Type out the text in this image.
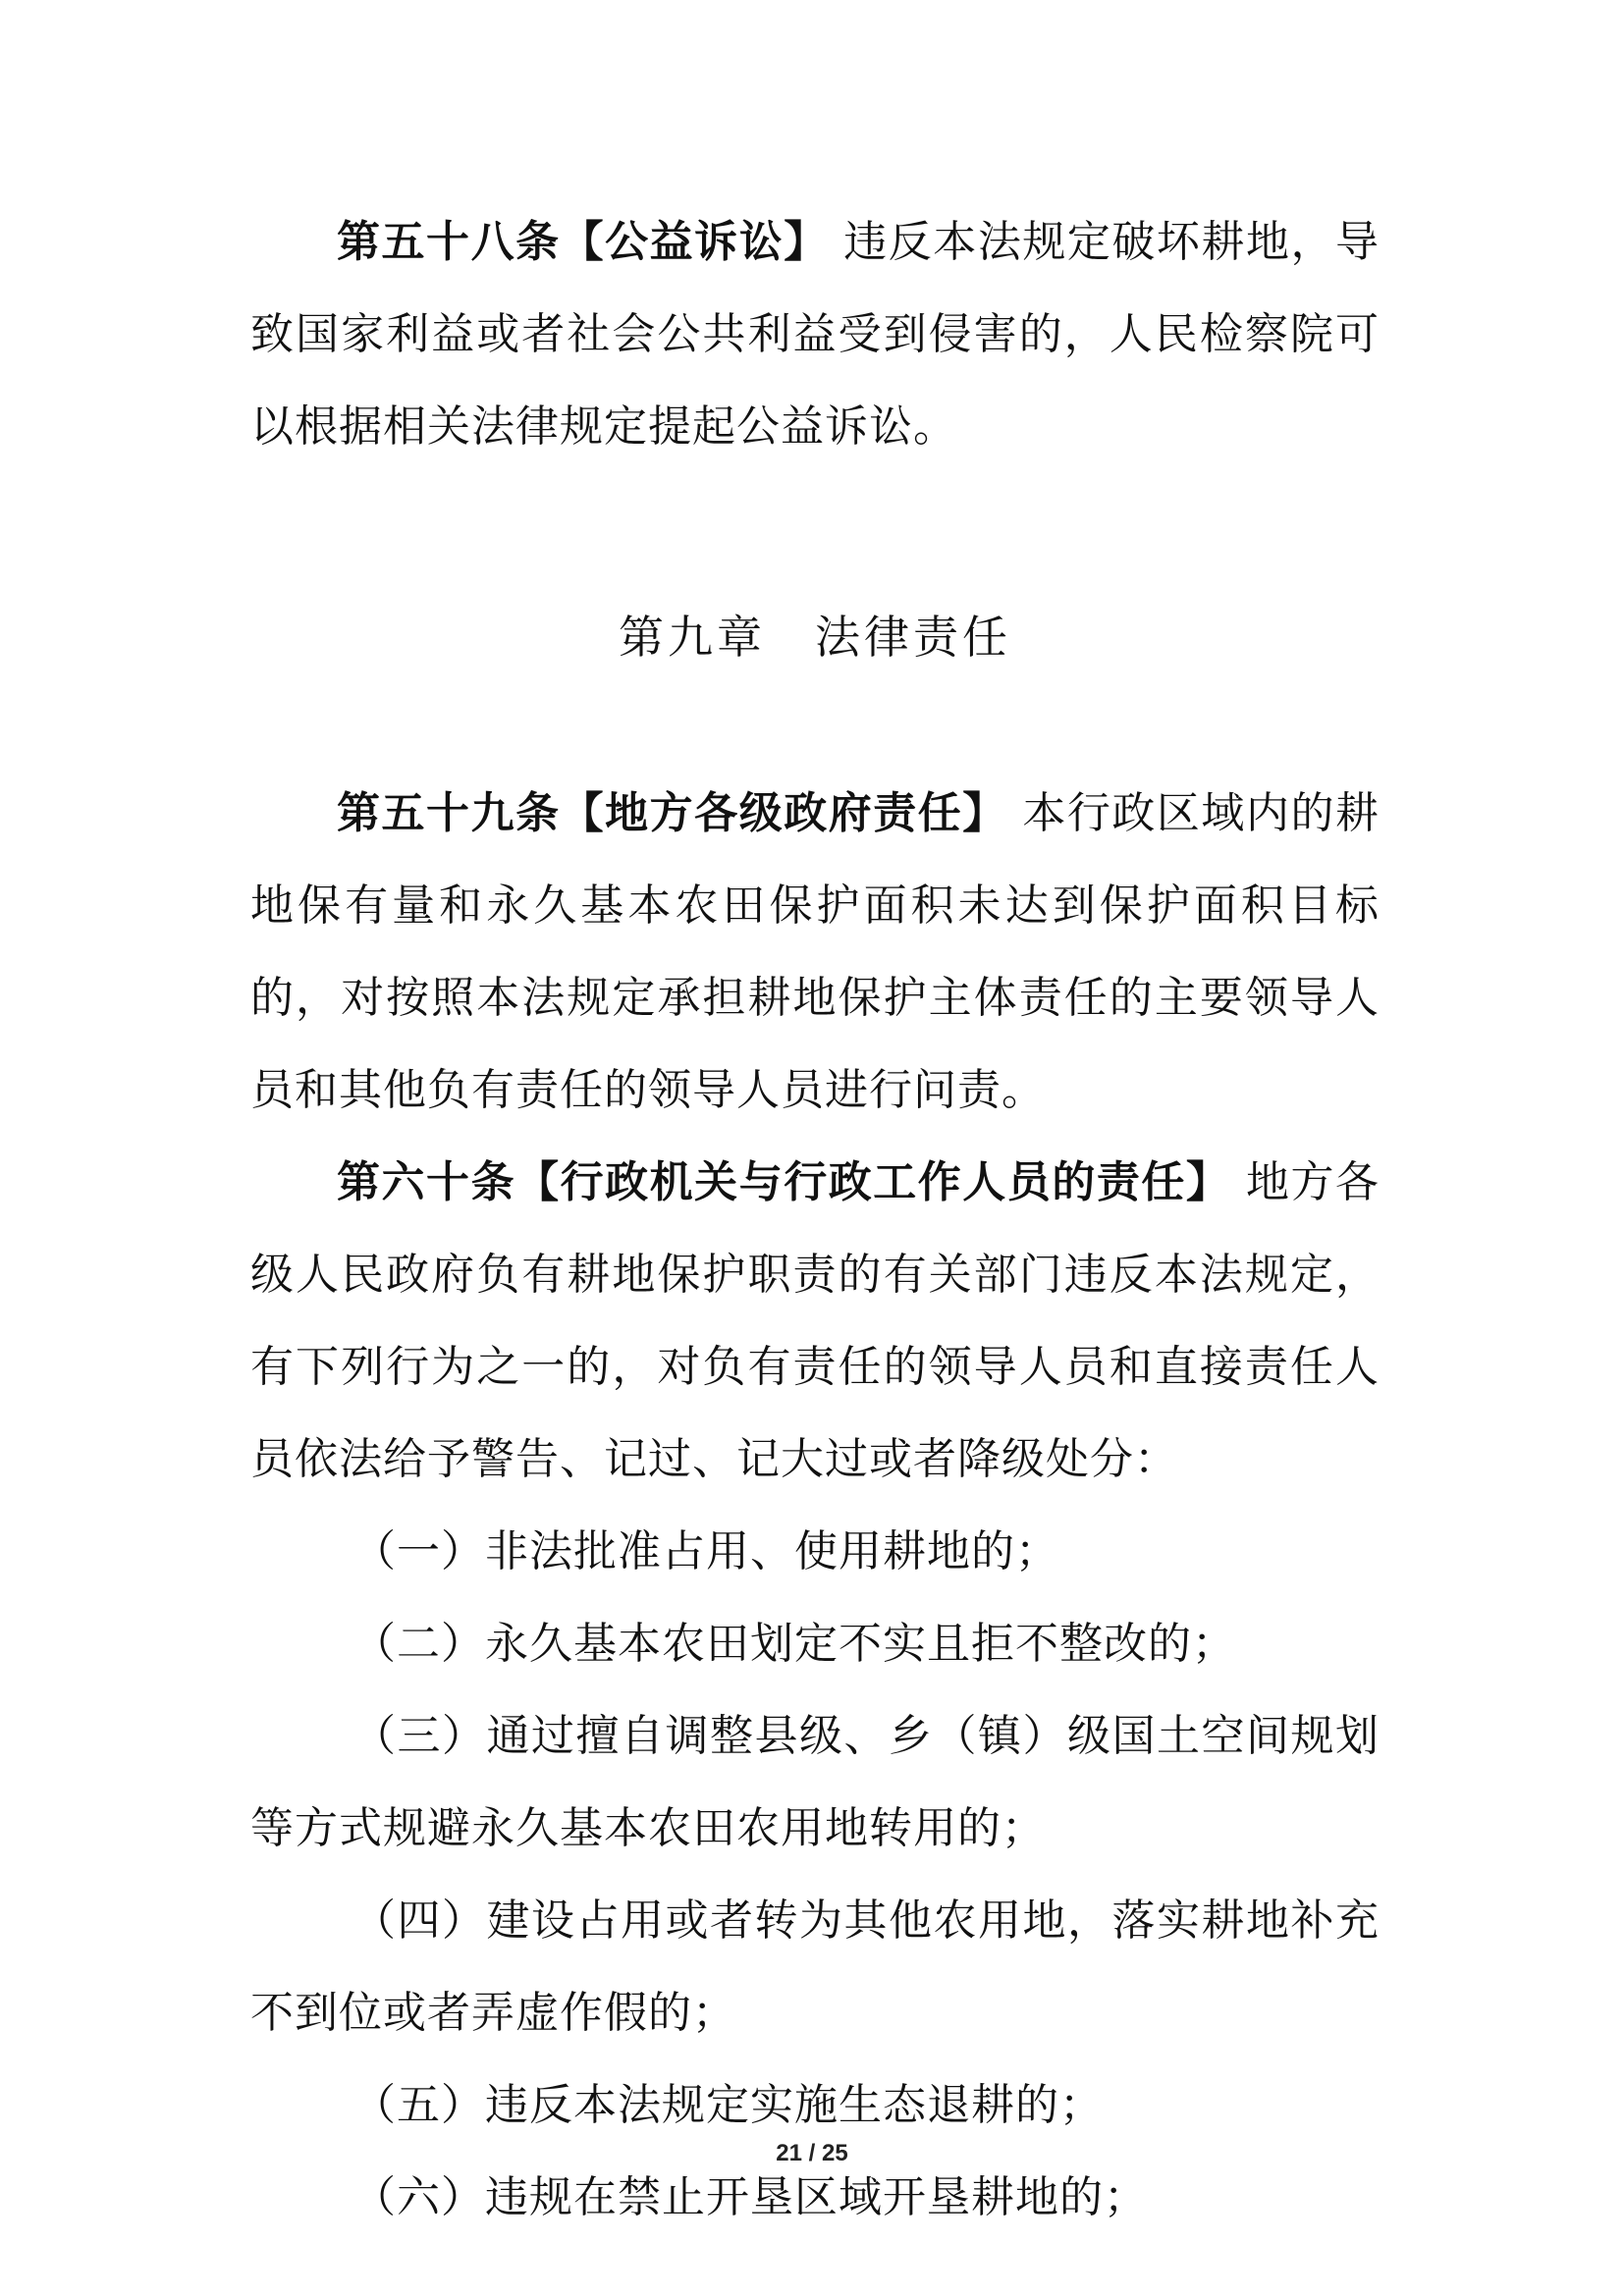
第五十八条【公益诉讼】 违反本法规定破坏耕地，导致国家利益或者社会公共利益受到侵害的，人民检察院可以根据相关法律规定提起公益诉讼。

第九章　法律责任

第五十九条【地方各级政府责任】 本行政区域内的耕地保有量和永久基本农田保护面积未达到保护面积目标的，对按照本法规定承担耕地保护主体责任的主要领导人员和其他负有责任的领导人员进行问责。

第六十条【行政机关与行政工作人员的责任】 地方各级人民政府负有耕地保护职责的有关部门违反本法规定，有下列行为之一的，对负有责任的领导人员和直接责任人员依法给予警告、记过、记大过或者降级处分：

（一）非法批准占用、使用耕地的；

（二）永久基本农田划定不实且拒不整改的；

（三）通过擅自调整县级、乡（镇）级国土空间规划等方式规避永久基本农田农用地转用的；

（四）建设占用或者转为其他农用地，落实耕地补充不到位或者弄虚作假的；

（五）违反本法规定实施生态退耕的；

（六）违规在禁止开垦区域开垦耕地的；

21 / 25
